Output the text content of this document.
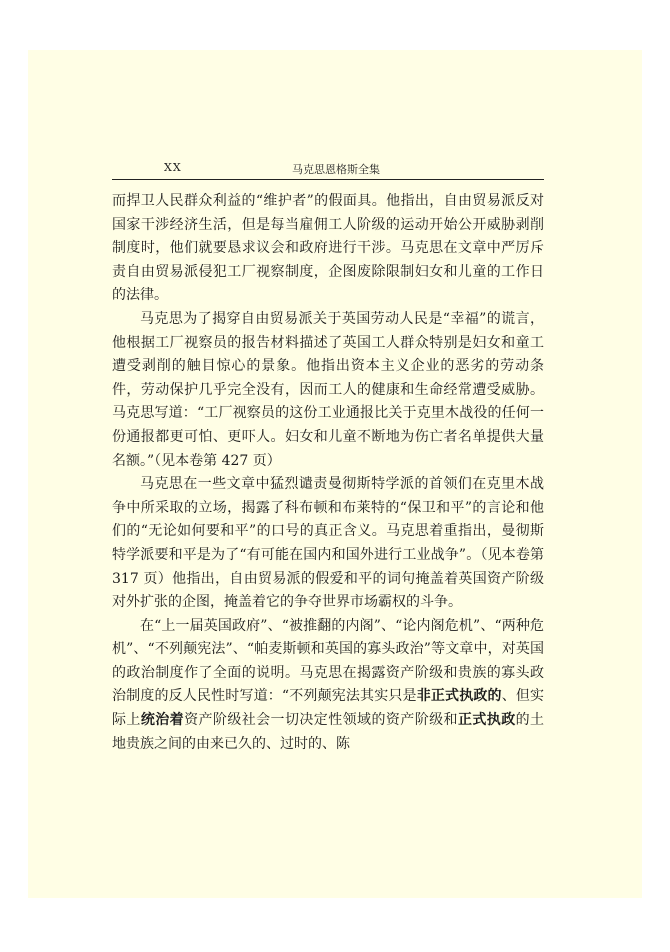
XX	马克思恩格斯全集

而捍卫人民群众利益的“维护者”的假面具。他指出，自由贸易派反对国家干涉经济生活，但是每当雇佣工人阶级的运动开始公开威胁剥削制度时，他们就要恳求议会和政府进行干涉。马克思在文章中严厉斥责自由贸易派侵犯工厂视察制度，企图废除限制妇女和儿童的工作日的法律。

马克思为了揭穿自由贸易派关于英国劳动人民是“幸福”的谎言，他根据工厂视察员的报告材料描述了英国工人群众特别是妇女和童工遭受剥削的触目惊心的景象。他指出资本主义企业的恶劣的劳动条件，劳动保护几乎完全没有，因而工人的健康和生命经常遭受威胁。马克思写道：“工厂视察员的这份工业通报比关于克里木战役的任何一份通报都更可怕、更吓人。妇女和儿童不断地为伤亡者名单提供大量名额。”（见本卷第 427 页）

马克思在一些文章中猛烈谴责曼彻斯特学派的首领们在克里木战争中所采取的立场，揭露了科布顿和布莱特的“保卫和平”的言论和他们的“无论如何要和平”的口号的真正含义。马克思着重指出，曼彻斯特学派要和平是为了“有可能在国内和国外进行工业战争”。（见本卷第 317 页）他指出，自由贸易派的假爱和平的词句掩盖着英国资产阶级对外扩张的企图，掩盖着它的争夺世界市场霸权的斗争。

在“上一届英国政府”、“被推翻的内阁”、“论内阁危机”、“两种危机”、“不列颠宪法”、“帕麦斯顿和英国的寡头政治”等文章中，对英国的政治制度作了全面的说明。马克思在揭露资产阶级和贵族的寡头政治制度的反人民性时写道：“不列颠宪法其实只是非正式执政的、但实际上统治着资产阶级社会一切决定性领域的资产阶级和正式执政的土地贵族之间的由来已久的、过时的、陈
